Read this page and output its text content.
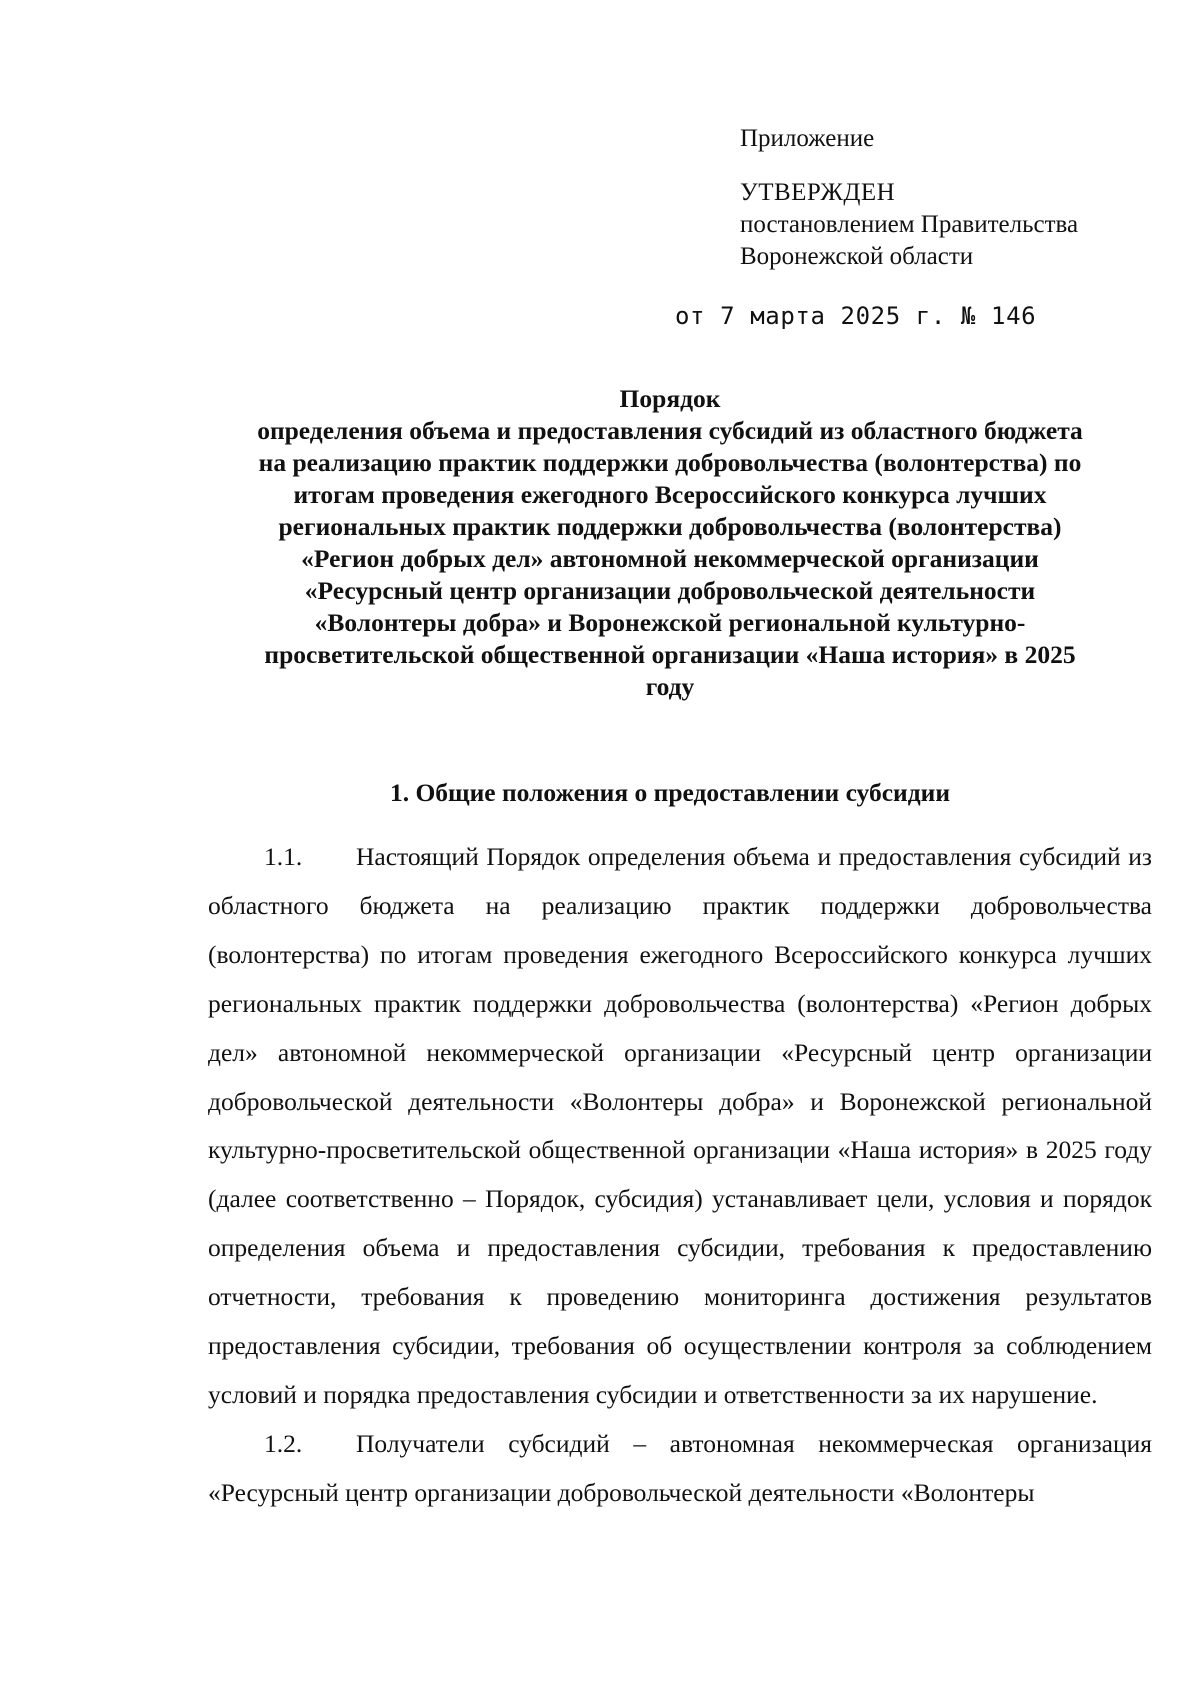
Приложение

УТВЕРЖДЕН

постановлением Правительства

Воронежской области

от 7 марта 2025 г. № 146
Порядок
определения объема и предоставления субсидий из областного бюджета
на реализацию практик поддержки добровольчества (волонтерства) по
итогам проведения ежегодного Всероссийского конкурса лучших
региональных практик поддержки добровольчества (волонтерства)
«Регион добрых дел» автономной некоммерческой организации
«Ресурсный центр организации добровольческой деятельности
«Волонтеры добра» и Воронежской региональной культурно-
просветительской общественной организации «Наша история» в 2025
году
1. Общие положения о предоставлении субсидии

1.1. Настоящий Порядок определения объема и предоставления субсидий из областного бюджета на реализацию практик поддержки добровольчества (волонтерства) по итогам проведения ежегодного Всероссийского конкурса лучших региональных практик поддержки добровольчества (волонтерства) «Регион добрых дел» автономной некоммерческой организации «Ресурсный центр организации добровольческой деятельности «Волонтеры добра» и Воронежской региональной культурно-просветительской общественной организации «Наша история» в 2025 году (далее соответственно – Порядок, субсидия) устанавливает цели, условия и порядок определения объема и предоставления субсидии, требования к предоставлению отчетности, требования к проведению мониторинга достижения результатов предоставления субсидии, требования об осуществлении контроля за соблюдением условий и порядка предоставления субсидии и ответственности за их нарушение.

1.2. Получатели субсидий – автономная некоммерческая организация «Ресурсный центр организации добровольческой деятельности «Волонтеры
